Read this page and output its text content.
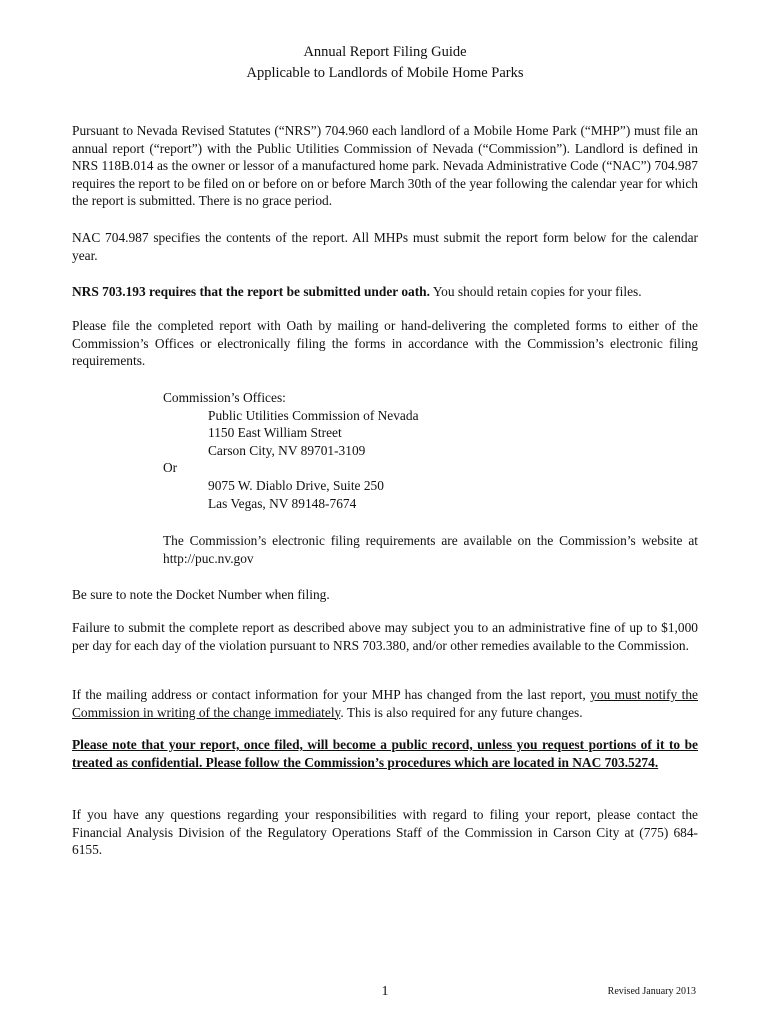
Annual Report Filing Guide
Applicable to Landlords of Mobile Home Parks

Pursuant to Nevada Revised Statutes (“NRS”) 704.960 each landlord of a Mobile Home Park (“MHP”) must file an annual report (“report”) with the Public Utilities Commission of Nevada (“Commission”). Landlord is defined in NRS 118B.014 as the owner or lessor of a manufactured home park. Nevada Administrative Code (“NAC”) 704.987 requires the report to be filed on or before on or before March 30th of the year following the calendar year for which the report is submitted. There is no grace period.

NAC 704.987 specifies the contents of the report. All MHPs must submit the report form below for the calendar year.

NRS 703.193 requires that the report be submitted under oath. You should retain copies for your files.

Please file the completed report with Oath by mailing or hand-delivering the completed forms to either of the Commission’s Offices or electronically filing the forms in accordance with the Commission’s electronic filing requirements.

Commission’s Offices:
Public Utilities Commission of Nevada
1150 East William Street
Carson City, NV 89701-3109
Or
9075 W. Diablo Drive, Suite 250
Las Vegas, NV 89148-7674

The Commission’s electronic filing requirements are available on the Commission’s website at http://puc.nv.gov

Be sure to note the Docket Number when filing.

Failure to submit the complete report as described above may subject you to an administrative fine of up to $1,000 per day for each day of the violation pursuant to NRS 703.380, and/or other remedies available to the Commission.

If the mailing address or contact information for your MHP has changed from the last report, you must notify the Commission in writing of the change immediately. This is also required for any future changes.

Please note that your report, once filed, will become a public record, unless you request portions of it to be treated as confidential. Please follow the Commission’s procedures which are located in NAC 703.5274.

If you have any questions regarding your responsibilities with regard to filing your report, please contact the Financial Analysis Division of the Regulatory Operations Staff of the Commission in Carson City at (775) 684-6155.

1	Revised January 2013
